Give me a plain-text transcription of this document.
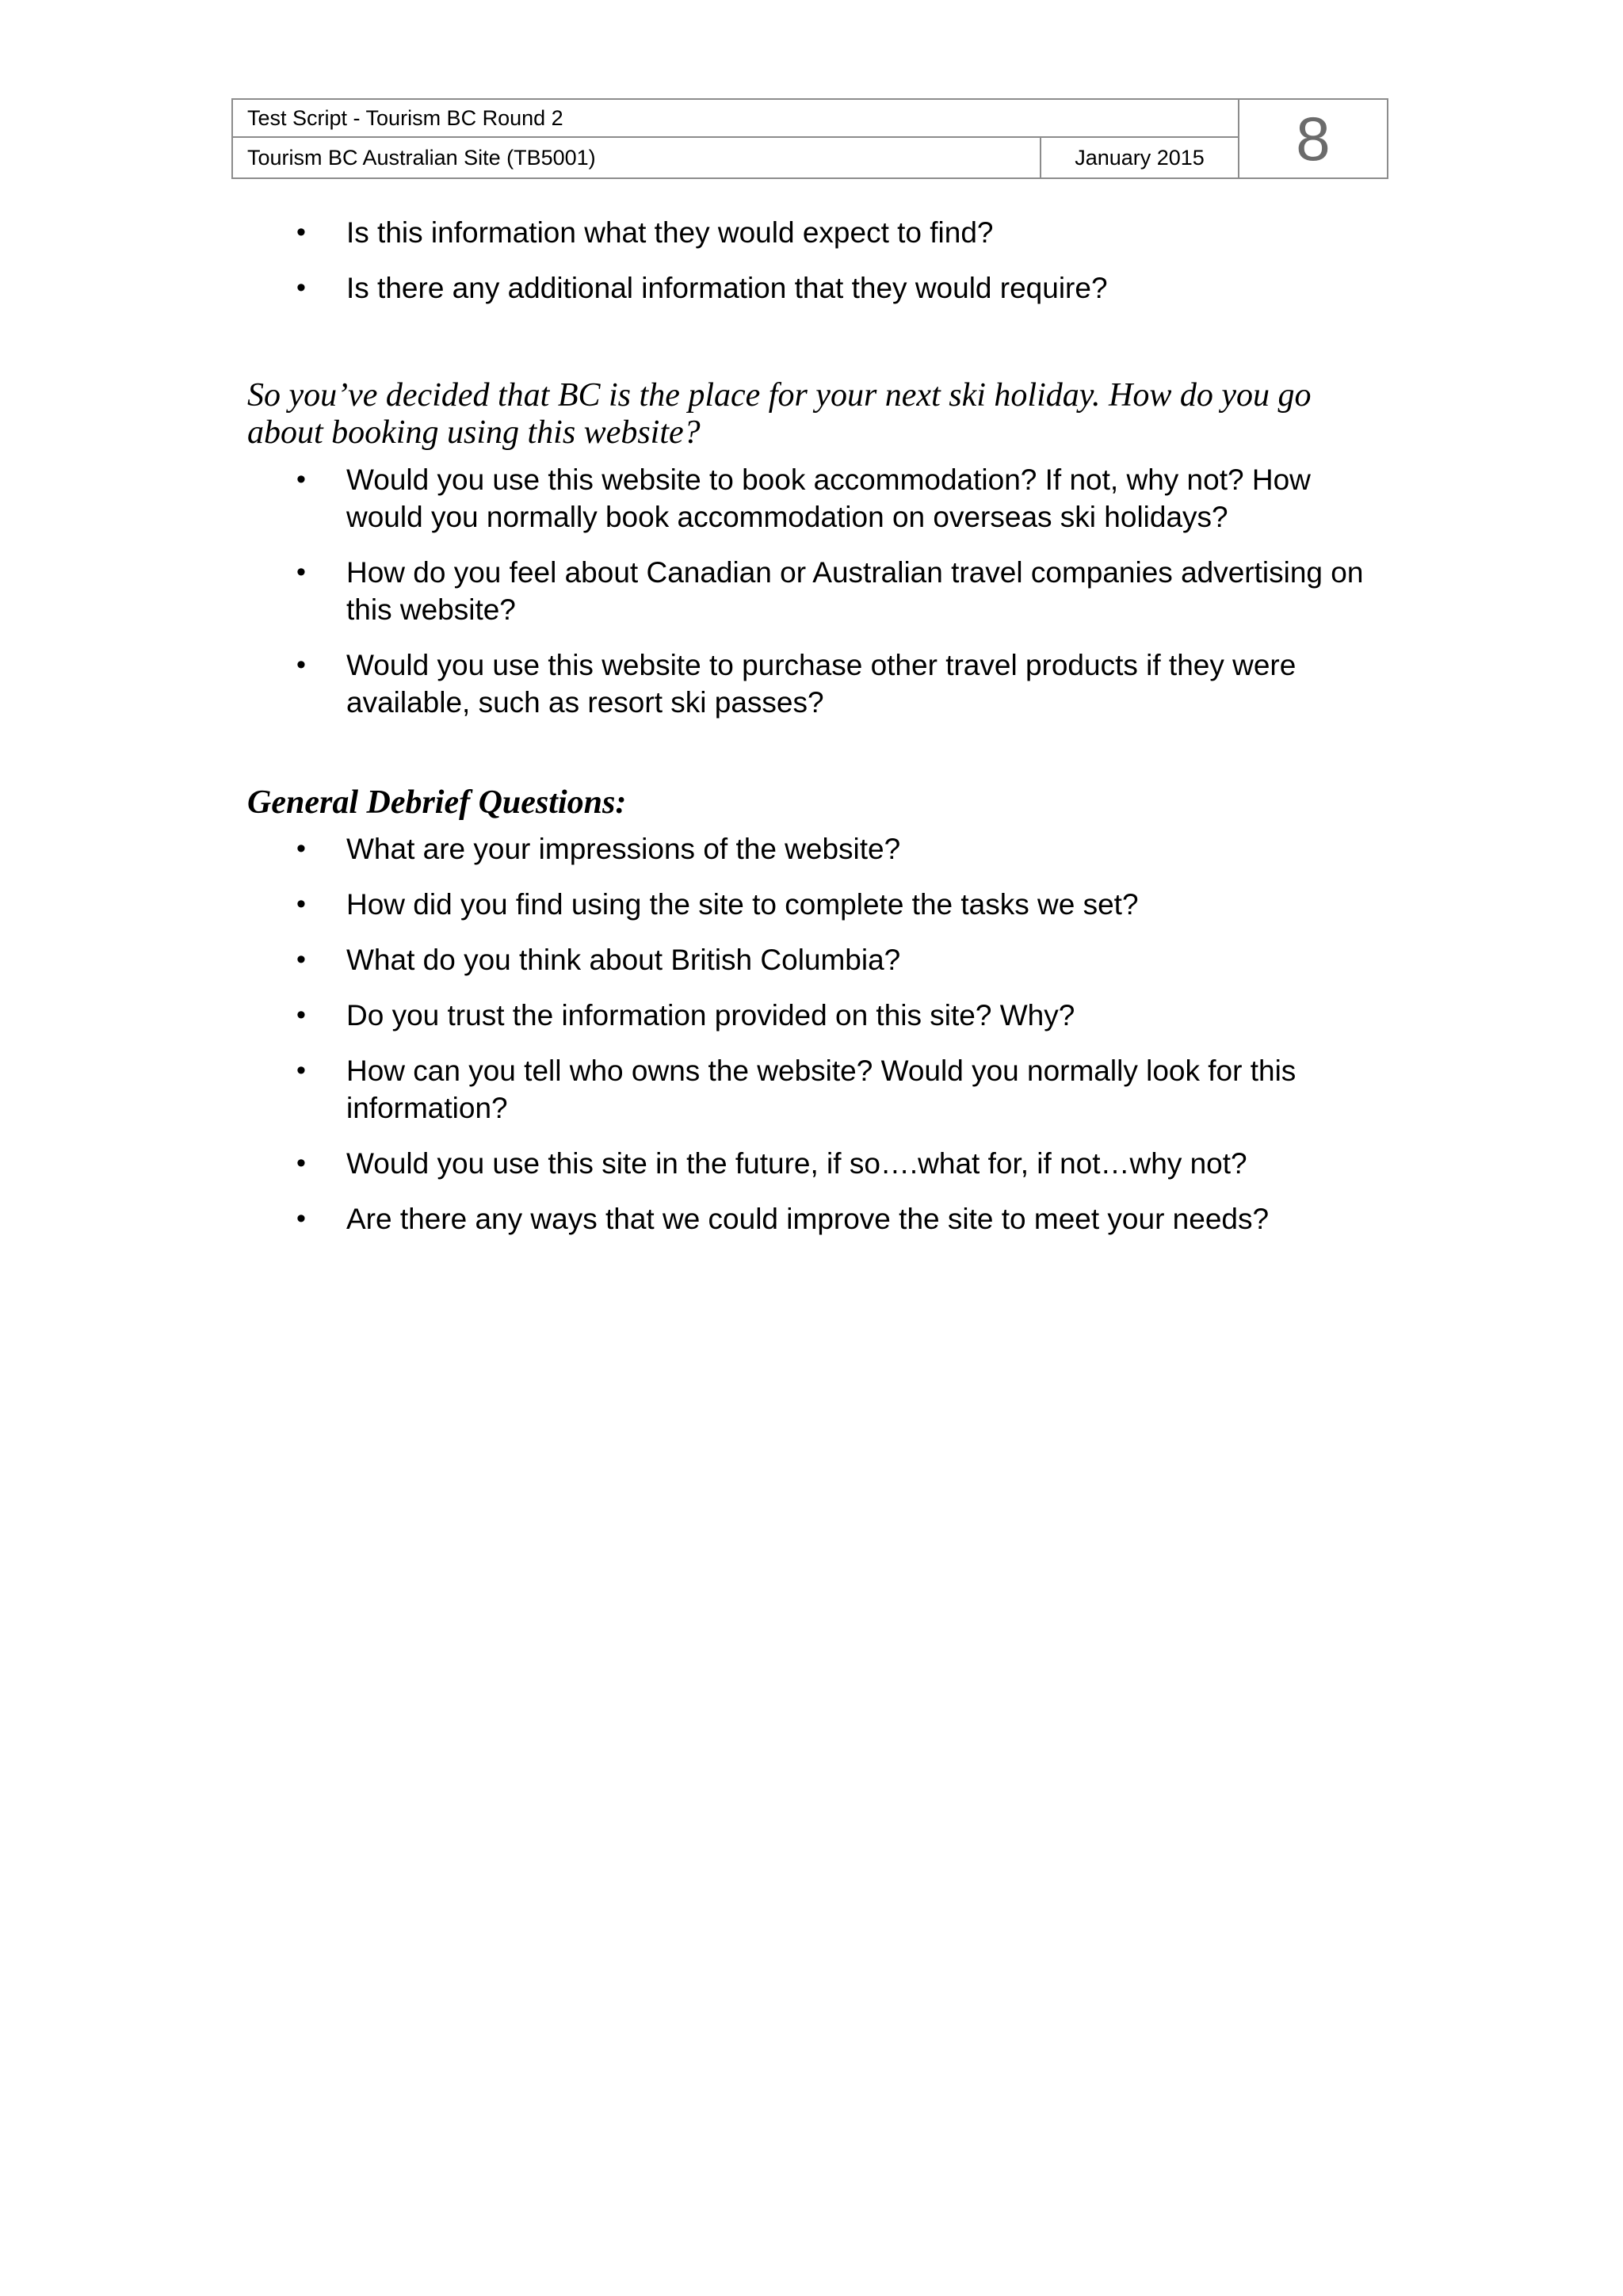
Test Script - Tourism BC Round 2		8
Tourism BC Australian Site (TB5001)	January 2015	
• Is this information what they would expect to find?
• Is there any additional information that they would require?

So you’ve decided that BC is the place for your next ski holiday. How do you go about booking using this website?

• Would you use this website to book accommodation? If not, why not? How would you normally book accommodation on overseas ski holidays?
• How do you feel about Canadian or Australian travel companies advertising on this website?
• Would you use this website to purchase other travel products if they were available, such as resort ski passes?
General Debrief Questions:
• What are your impressions of the website?
• How did you find using the site to complete the tasks we set?
• What do you think about British Columbia?
• Do you trust the information provided on this site? Why?
• How can you tell who owns the website? Would you normally look for this information?
• Would you use this site in the future, if so….what for, if not…why not?
• Are there any ways that we could improve the site to meet your needs?
